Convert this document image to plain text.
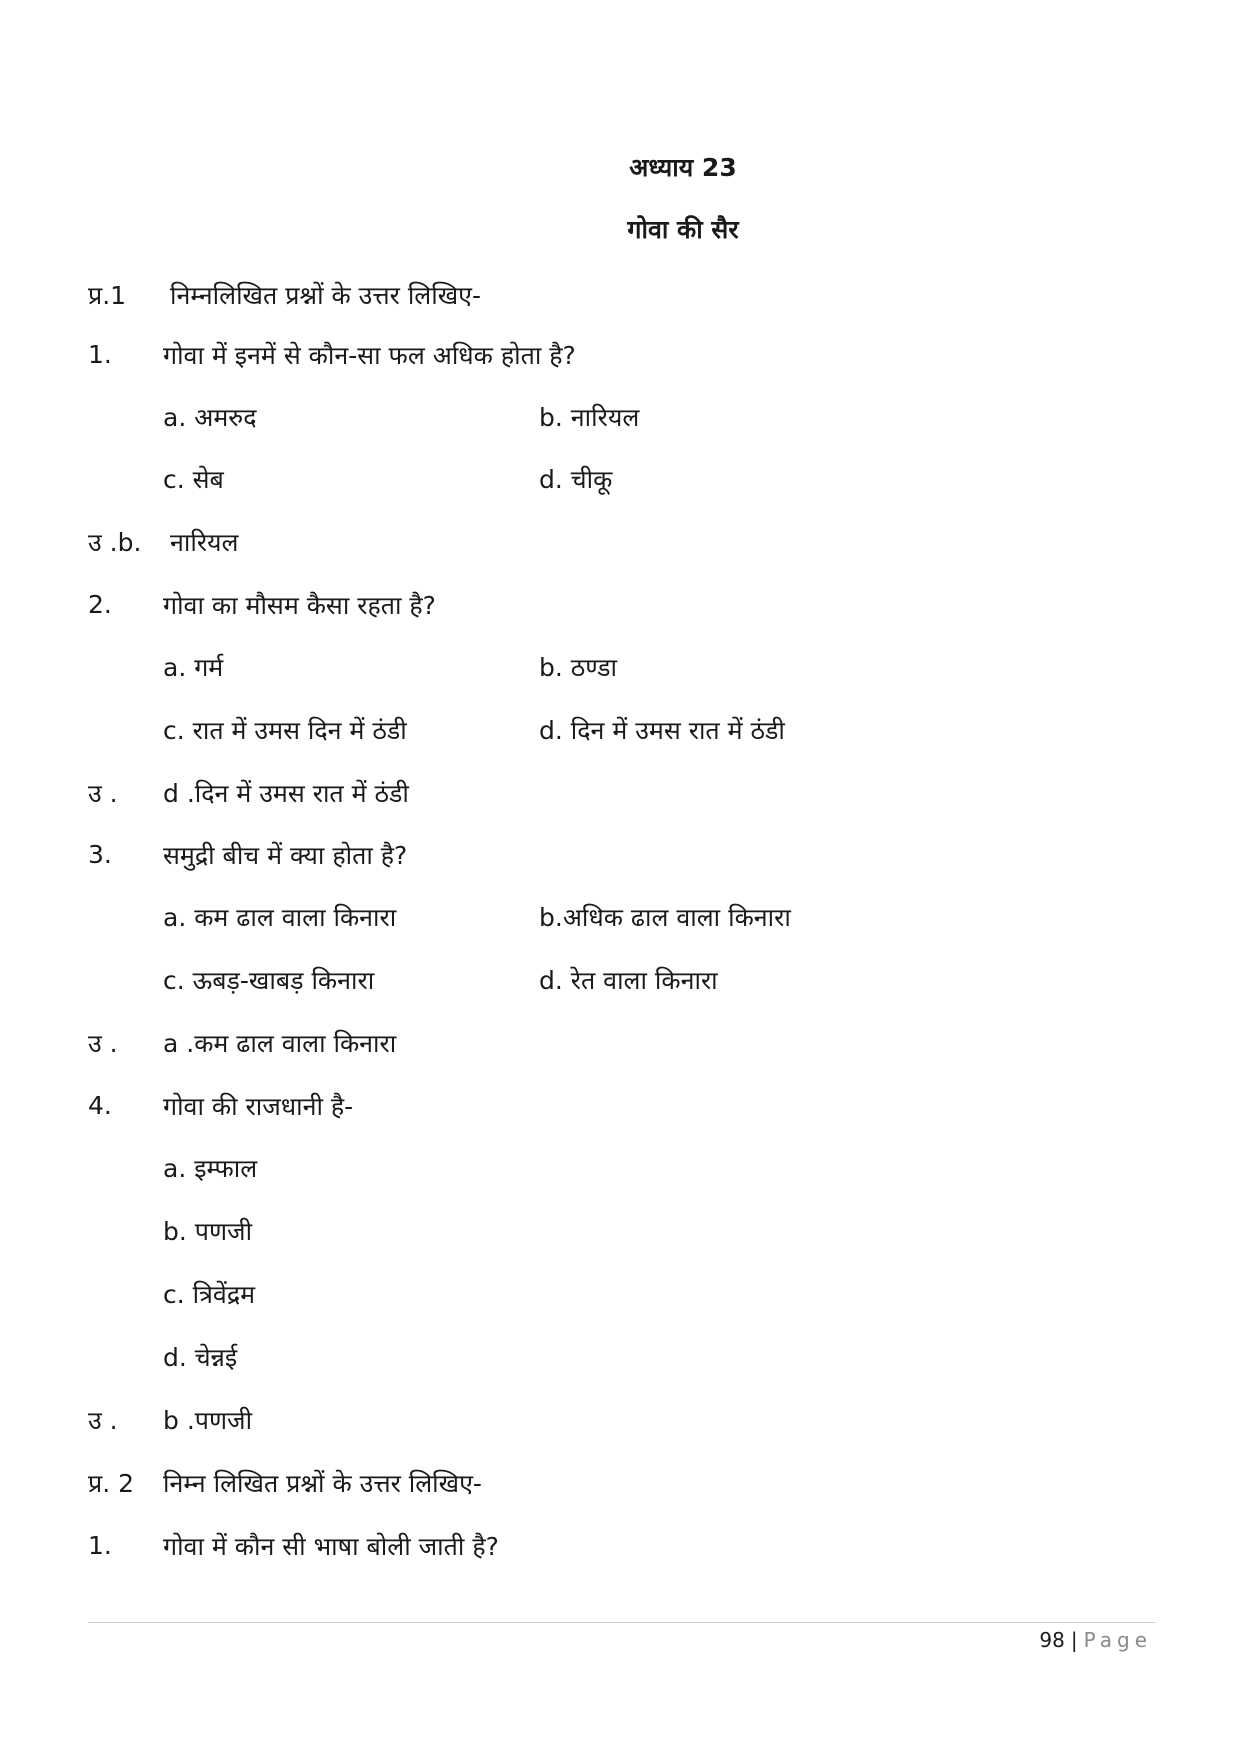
अध्याय 23
गोवा की सैर
प्र.1 निम्नलिखित प्रश्नों के उत्तर लिखिए-
1. गोवा में इनमें से कौन-सा फल अधिक होता है?
a. अमरुद	b. नारियल
c. सेब	d. चीकू
उ .b. नारियल
2. गोवा का मौसम कैसा रहता है?
a. गर्म	b. ठण्डा
c. रात में उमस दिन में ठंडी	d. दिन में उमस रात में ठंडी
उ . d .दिन में उमस रात में ठंडी
3. समुद्री बीच में क्या होता है?
a. कम ढाल वाला किनारा	b.अधिक ढाल वाला किनारा
c. ऊबड़-खाबड़ किनारा	d. रेत वाला किनारा
उ . a .कम ढाल वाला किनारा
4. गोवा की राजधानी है-
a. इम्फाल
b. पणजी
c. त्रिवेंद्रम
d. चेन्नई
उ . b .पणजी
प्र. 2 निम्न लिखित प्रश्नों के उत्तर लिखिए-
1. गोवा में कौन सी भाषा बोली जाती है?
98 | Page
